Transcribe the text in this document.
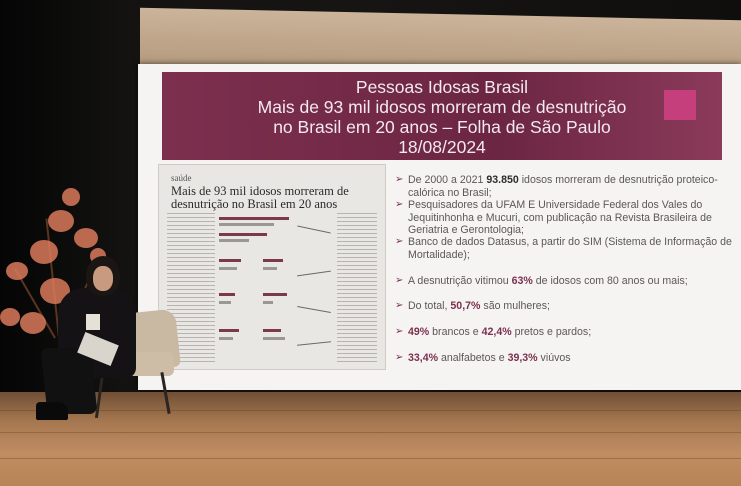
Pessoas Idosas Brasil
Mais de 93 mil idosos morreram de desnutrição
no Brasil em 20 anos – Folha de São Paulo
18/08/2024
saúde
Mais de 93 mil idosos morreram de desnutrição no Brasil em 20 anos
➢ De 2000 a 2021 93.850 idosos morreram de desnutrição proteico-calórica no Brasil;
➢ Pesquisadores da UFAM E Universidade Federal dos Vales do Jequitinhonha e Mucuri, com publicação na Revista Brasileira de Geriatria e Gerontologia;
➢ Banco de dados Datasus, a partir do SIM (Sistema de Informação de Mortalidade);
➢ A desnutrição vitimou 63% de idosos com 80 anos ou mais;
➢ Do total, 50,7% são mulheres;
➢ 49% brancos e 42,4% pretos e pardos;
➢ 33,4% analfabetos e 39,3% viúvos
